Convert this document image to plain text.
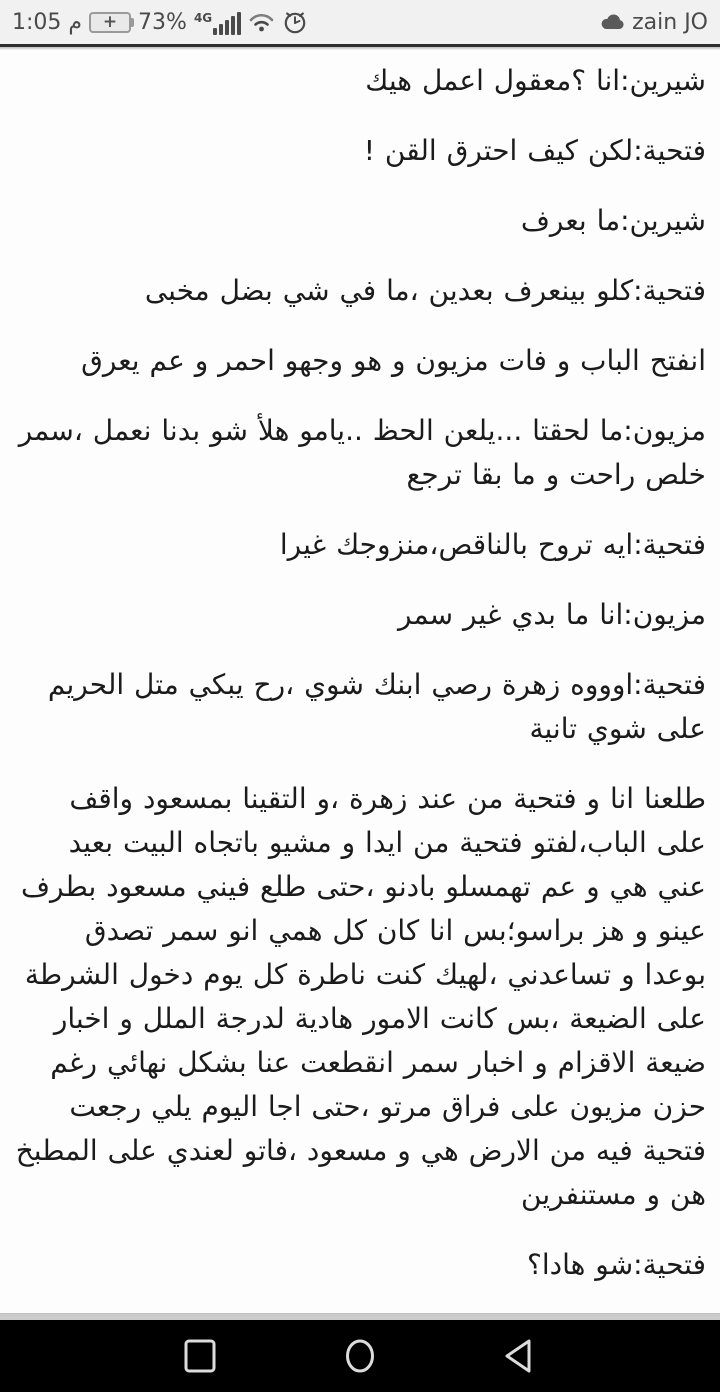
م 1:05 + 73% 4G	zain JO

شيرين:انا ؟معقول اعمل هيك

فتحية:لكن كيف احترق القن !

شيرين:ما بعرف

فتحية:كلو بينعرف بعدين ،ما في شي بضل مخبى

انفتح الباب و فات مزيون و هو وجهو احمر و عم يعرق

مزيون:ما لحقتا ...يلعن الحظ ..يامو هلأ شو بدنا نعمل ،سمر خلص راحت و ما بقا ترجع

فتحية:ايه تروح بالناقص،منزوجك غيرا

مزيون:انا ما بدي غير سمر

فتحية:اوووه زهرة رصي ابنك شوي ،رح يبكي متل الحريم على شوي تانية

طلعنا انا و فتحية من عند زهرة ،و التقينا بمسعود واقف على الباب،لفتو فتحية من ايدا و مشيو باتجاه البيت بعيد عني هي و عم تهمسلو بادنو ،حتى طلع فيني مسعود بطرف عينو و هز براسو؛بس انا كان كل همي انو سمر تصدق بوعدا و تساعدني ،لهيك كنت ناطرة كل يوم دخول الشرطة على الضيعة ،بس كانت الامور هادية لدرجة الملل و اخبار ضيعة الاقزام و اخبار سمر انقطعت عنا بشكل نهائي رغم حزن مزيون على فراق مرتو ،حتى اجا اليوم يلي رجعت فتحية فيه من الارض هي و مسعود ،فاتو لعندي على المطبخ هن و مستنفرين

فتحية:شو هادا؟
